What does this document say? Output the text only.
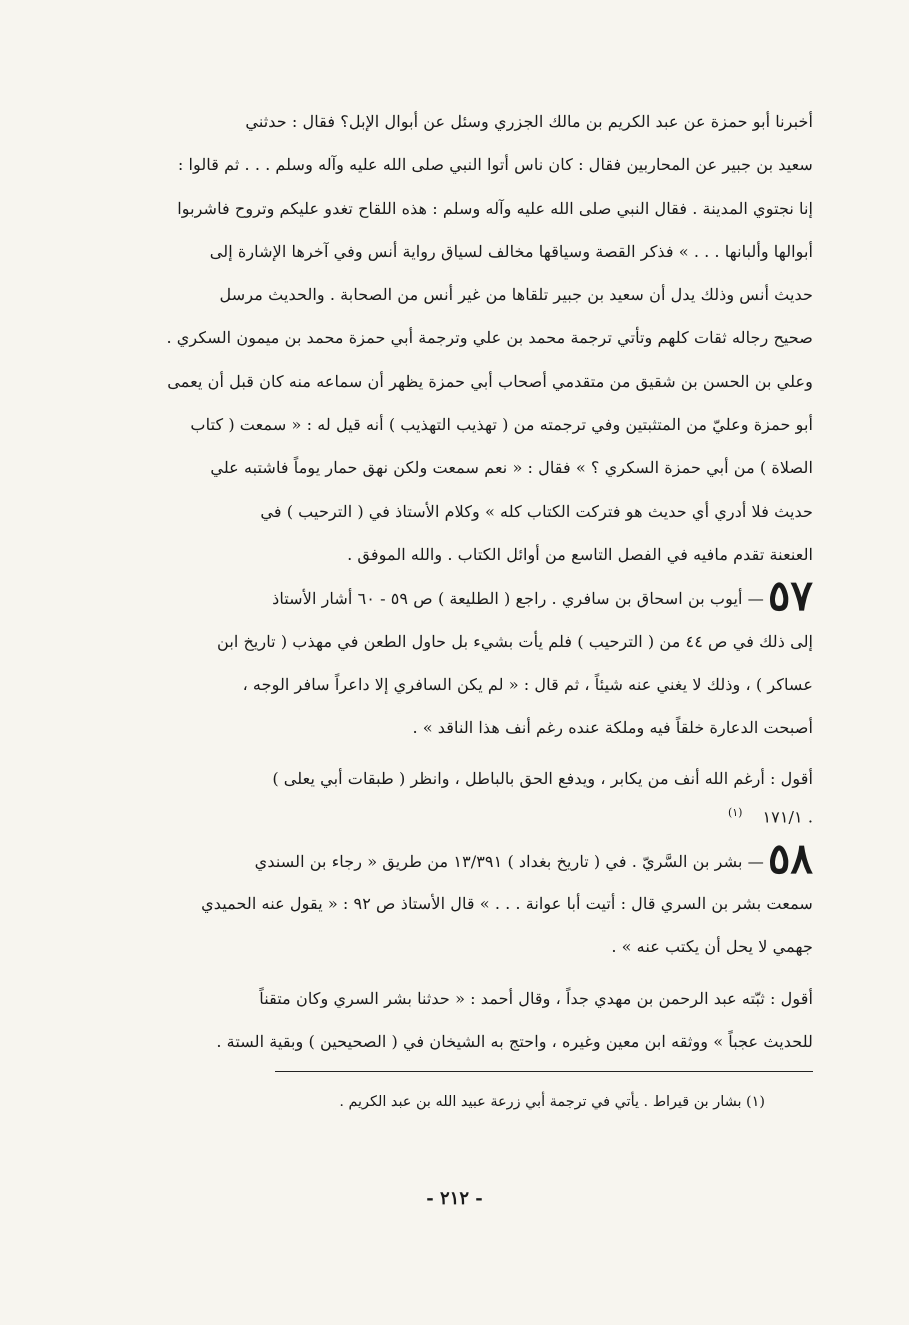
أخبرنا أبو حمزة عن عبد الكريم بن مالك الجزري وسئل عن أبوال الإبل؟ فقال : حدثني
سعيد بن جبير عن المحاربين فقال : كان ناس أتوا النبي صلى الله عليه وآله وسلم . . . ثم قالوا :
إنا نجتوي المدينة . فقال النبي صلى الله عليه وآله وسلم : هذه اللقاح تغدو عليكم وتروح فاشربوا
أبوالها وألبانها . . . » فذكر القصة وسياقها مخالف لسياق رواية أنس وفي آخرها الإشارة إلى
حديث أنس وذلك يدل أن سعيد بن جبير تلقاها من غير أنس من الصحابة . والحديث مرسل
صحيح رجاله ثقات كلهم وتأتي ترجمة محمد بن علي وترجمة أبي حمزة محمد بن ميمون السكري .
وعلي بن الحسن بن شقيق من متقدمي أصحاب أبي حمزة يظهر أن سماعه منه كان قبل أن يعمى
أبو حمزة وعليّ من المتثبتين وفي ترجمته من ( تهذيب التهذيب ) أنه قيل له : « سمعت ( كتاب
الصلاة ) من أبي حمزة السكري ؟ » فقال : « نعم سمعت ولكن نهق حمار يوماً فاشتبه علي
حديث فلا أدري أي حديث هو فتركت الكتاب كله » وكلام الأستاذ في ( الترحيب ) في
العنعنة تقدم مافيه في الفصل التاسع من أوائل الكتاب . والله الموفق .
٥٧— أيوب بن اسحاق بن سافري . راجع ( الطليعة ) ص ٥٩ - ٦٠ أشار الأستاذ
إلى ذلك في ص ٤٤ من ( الترحيب ) فلم يأت بشيء بل حاول الطعن في مهذب ( تاريخ ابن
عساكر ) ، وذلك لا يغني عنه شيئاً ، ثم قال : « لم يكن السافري إلا داعراً سافر الوجه ،
أصبحت الدعارة خلقاً فيه وملكة عنده رغم أنف هذا الناقد » .
أقول : أرغم الله أنف من يكابر ، ويدفع الحق بالباطل ، وانظر ( طبقات أبي يعلى )
. ١٧١/١$^{(١)}$
٥٨— بشر بن السَّريّ . في ( تاريخ بغداد ) ١٣/٣٩١ من طريق « رجاء بن السندي
سمعت بشر بن السري قال : أتيت أبا عوانة . . . » قال الأستاذ ص ٩٢ : « يقول عنه الحميدي
جهمي لا يحل أن يكتب عنه » .
أقول : ثبّته عبد الرحمن بن مهدي جداً ، وقال أحمد : « حدثنا بشر السري وكان متقناً
للحديث عجباً » ووثقه ابن معين وغيره ، واحتج به الشيخان في ( الصحيحين ) وبقية الستة .
(١) بشار بن قيراط . يأتي في ترجمة أبي زرعة عبيد الله بن عبد الكريم .
- ٢١٢ -
